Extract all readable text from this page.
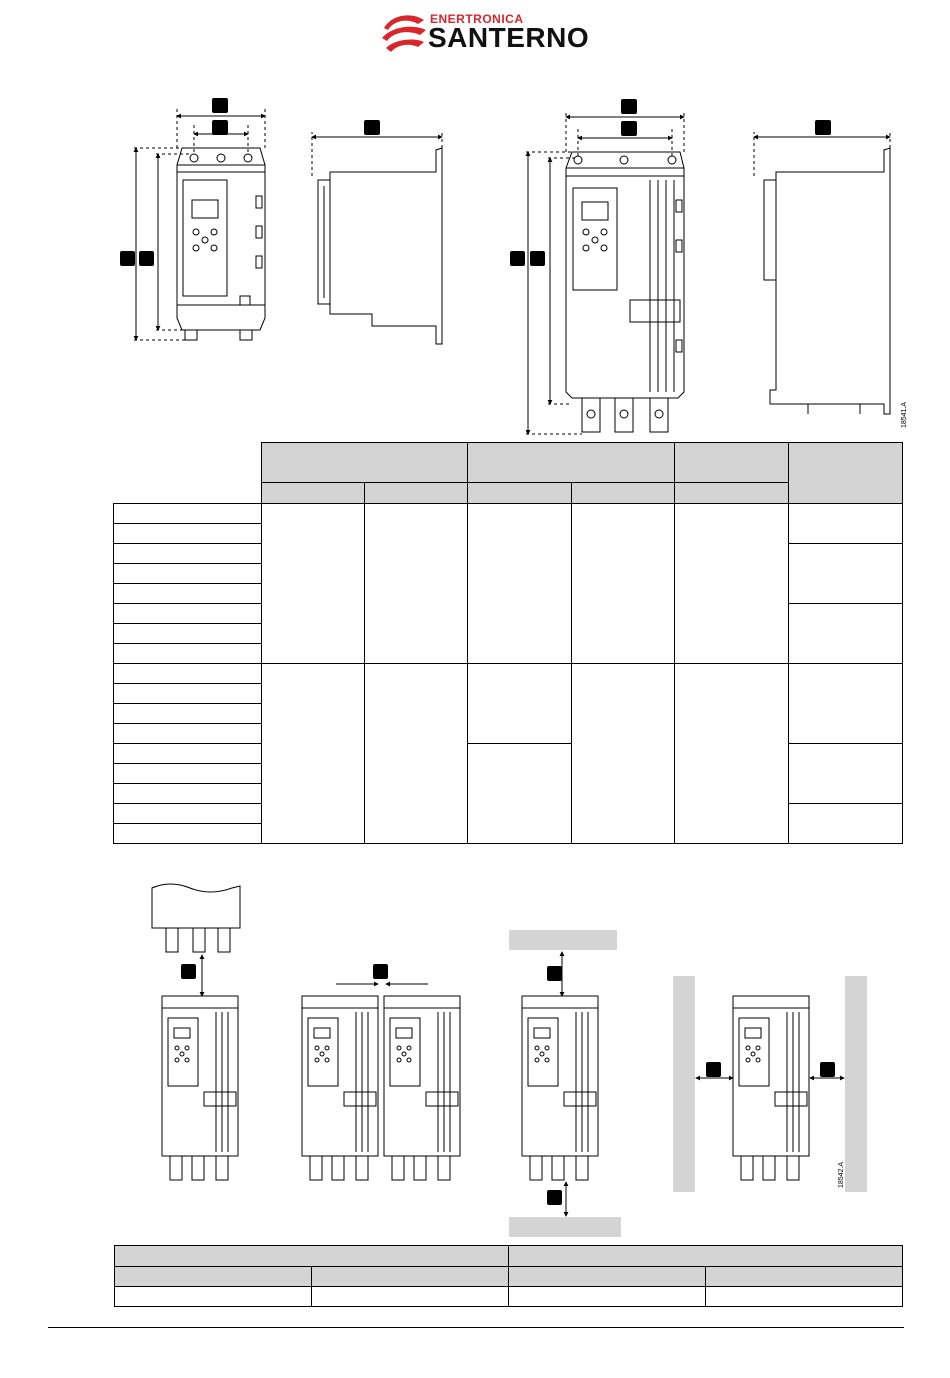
ENERTRONICA
SANTERNO
18541.A

18542.A
